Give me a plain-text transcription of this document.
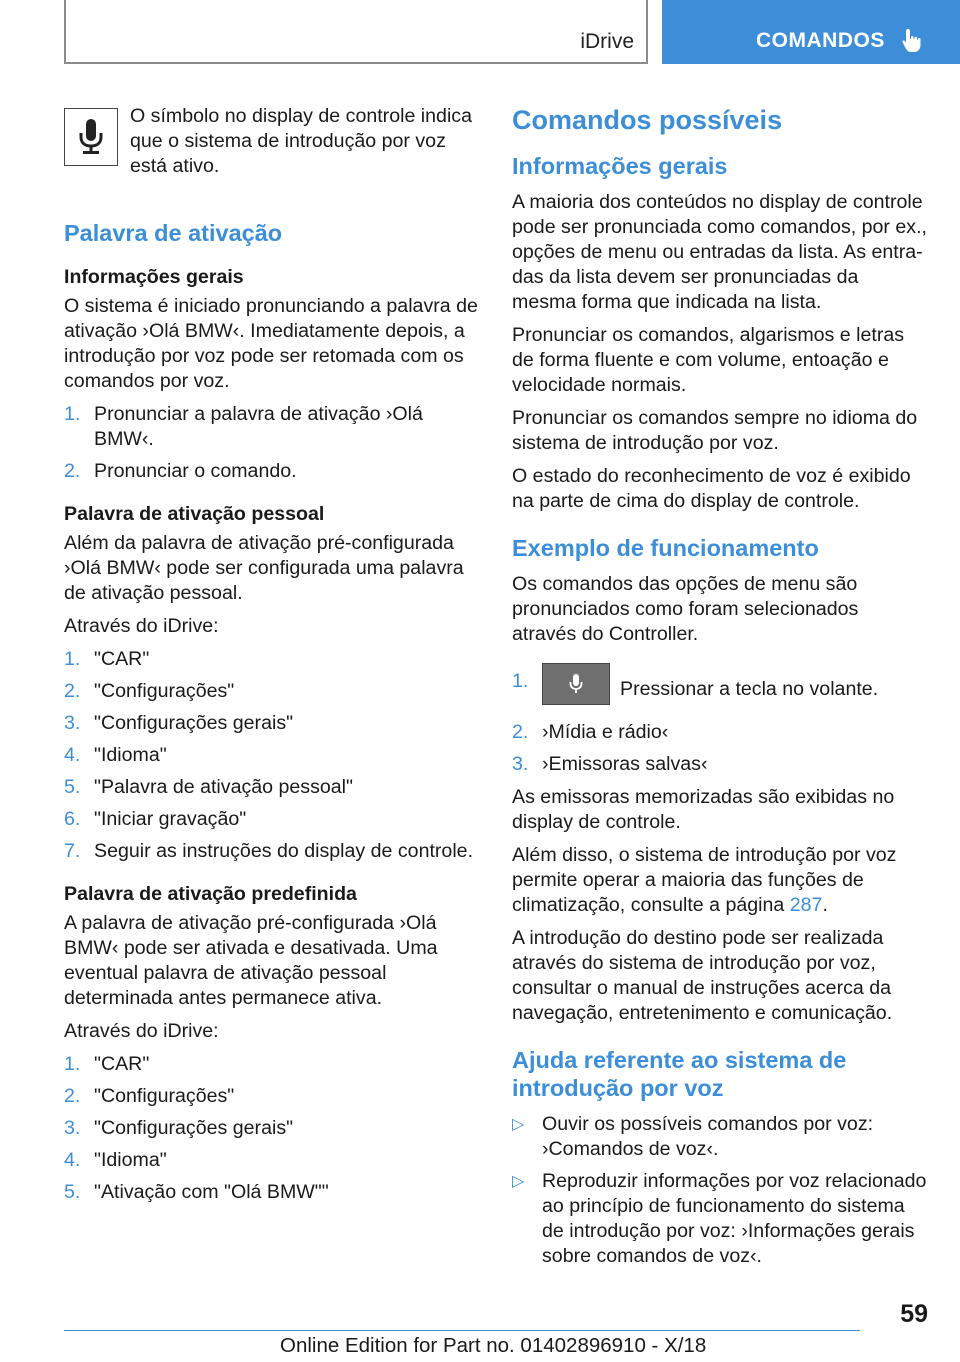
iDrive	COMANDOS

O símbolo no display de controle indica que o sistema de introdução por voz está ativo.

Palavra de ativação
Informações gerais

O sistema é iniciado pronunciando a palavra de ativação ›Olá BMW‹. Imediatamente depois, a introdução por voz pode ser retomada com os comandos por voz.

1. Pronunciar a palavra de ativação ›Olá BMW‹.
2. Pronunciar o comando.
Palavra de ativação pessoal

Além da palavra de ativação pré-configurada ›Olá BMW‹ pode ser configurada uma palavra de ativação pessoal.

Através do iDrive:

1. "CAR"
2. "Configurações"
3. "Configurações gerais"
4. "Idioma"
5. "Palavra de ativação pessoal"
6. "Iniciar gravação"
7. Seguir as instruções do display de controle.
Palavra de ativação predefinida

A palavra de ativação pré-configurada ›Olá BMW‹ pode ser ativada e desativada. Uma eventual palavra de ativação pessoal determinada antes permanece ativa.

Através do iDrive:

1. "CAR"
2. "Configurações"
3. "Configurações gerais"
4. "Idioma"
5. "Ativação com "Olá BMW""
Comandos possíveis
Informações gerais

A maioria dos conteúdos no display de controle pode ser pronunciada como comandos, por ex., opções de menu ou entradas da lista. As entradas da lista devem ser pronunciadas da mesma forma que indicada na lista.

Pronunciar os comandos, algarismos e letras de forma fluente e com volume, entoação e velocidade normais.

Pronunciar os comandos sempre no idioma do sistema de introdução por voz.

O estado do reconhecimento de voz é exibido na parte de cima do display de controle.

Exemplo de funcionamento

Os comandos das opções de menu são pronunciados como foram selecionados através do Controller.

1.	Pressionar a tecla no volante.
2. ›Mídia e rádio‹
3. ›Emissoras salvas‹

As emissoras memorizadas são exibidas no display de controle.

Além disso, o sistema de introdução por voz permite operar a maioria das funções de climatização, consulte a página 287.

A introdução do destino pode ser realizada através do sistema de introdução por voz, consultar o manual de instruções acerca da navegação, entretenimento e comunicação.

Ajuda referente ao sistema de introdução por voz
▷ Ouvir os possíveis comandos por voz: ›Comandos de voz‹.
▷ Reproduzir informações por voz relacionado ao princípio de funcionamento do sistema de introdução por voz: ›Informações gerais sobre comandos de voz‹.
59
Online Edition for Part no. 01402896910 - X/18
